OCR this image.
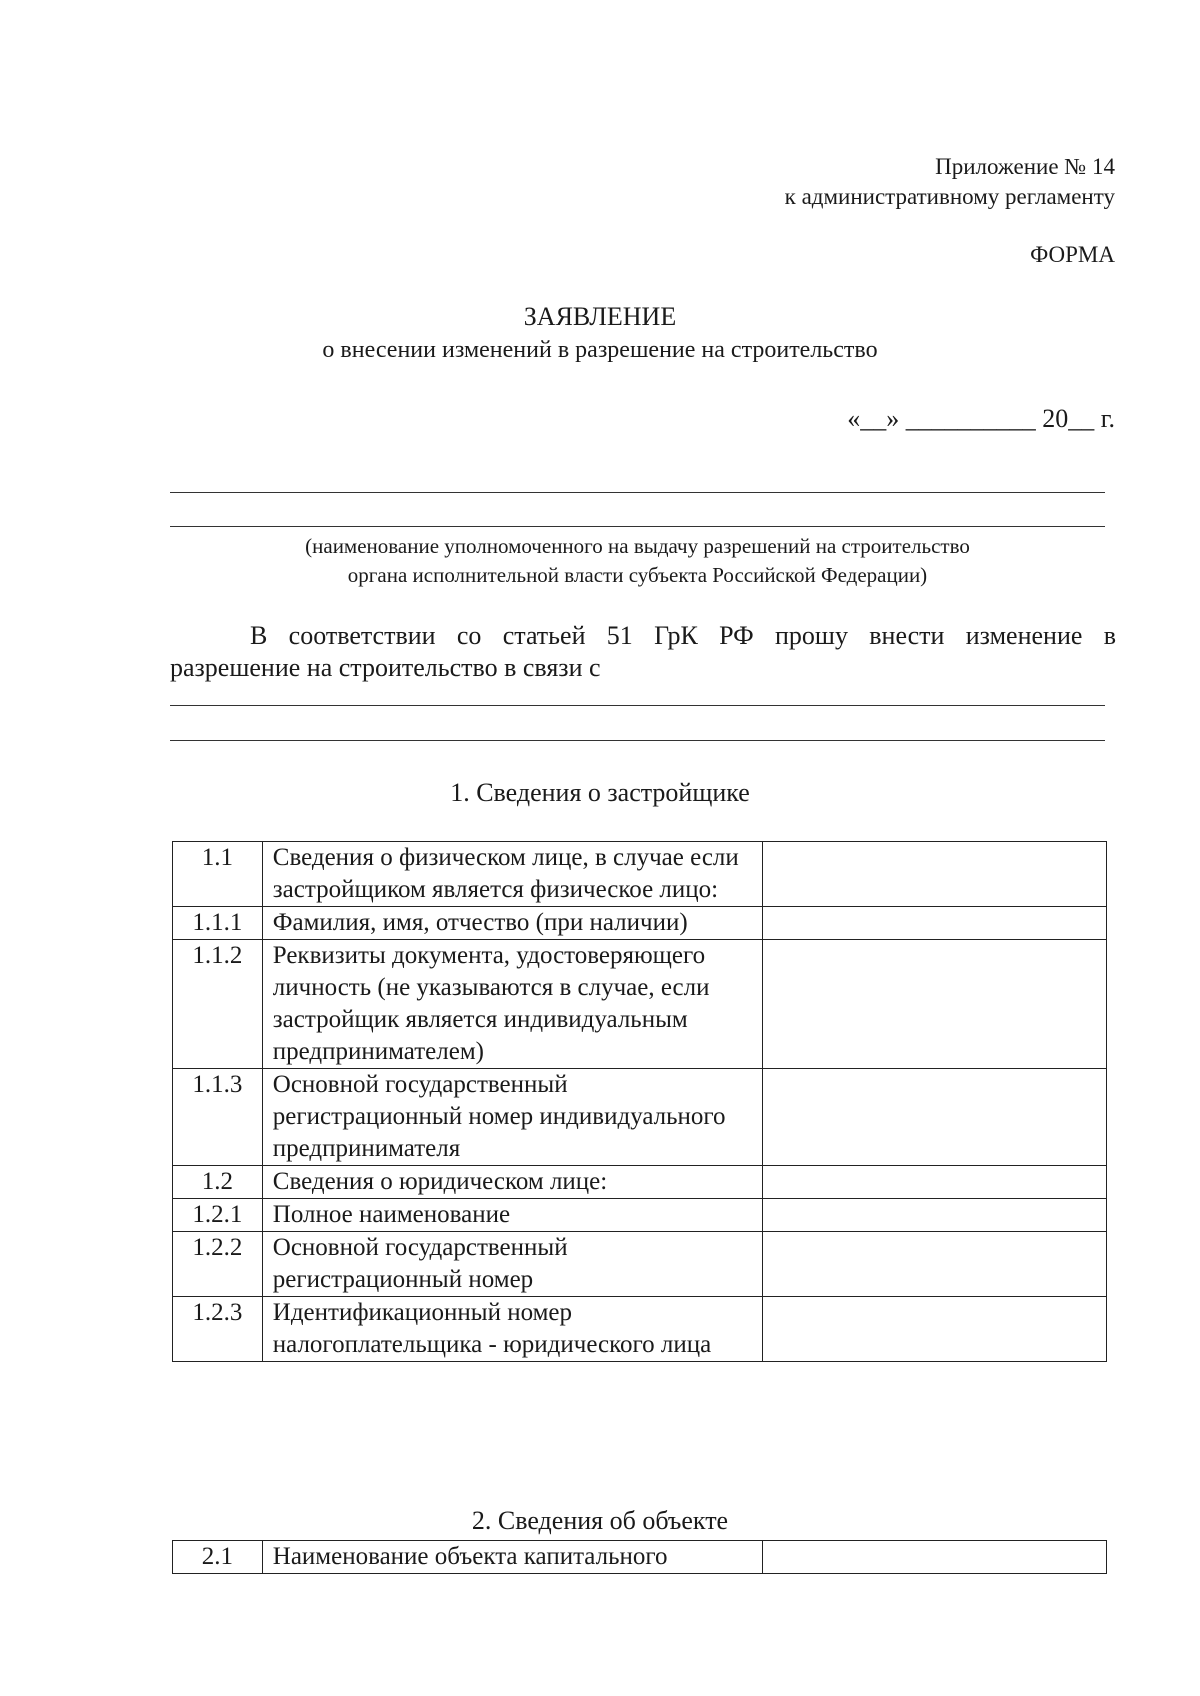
Приложение № 14
к административному регламенту
ФОРМА
ЗАЯВЛЕНИЕ
о внесении изменений в разрешение на строительство
«__» __________ 20__ г.
(наименование уполномоченного на выдачу разрешений на строительство
органа исполнительной власти субъекта Российской Федерации)

В соответствии со статьей 51 ГрК РФ прошу внести изменение в

разрешение на строительство в связи с

1. Сведения о застройщике
1.1	Сведения о физическом лице, в случае если застройщиком является физическое лицо:	
1.1.1	Фамилия, имя, отчество (при наличии)	
1.1.2	Реквизиты документа, удостоверяющего личность (не указываются в случае, если застройщик является индивидуальным предпринимателем)	
1.1.3	Основной государственный регистрационный номер индивидуального предпринимателя	
1.2	Сведения о юридическом лице:	
1.2.1	Полное наименование	
1.2.2	Основной государственный регистрационный номер	
1.2.3	Идентификационный номер налогоплательщика - юридического лица	
2. Сведения об объекте
2.1	Наименование объекта капитального	
